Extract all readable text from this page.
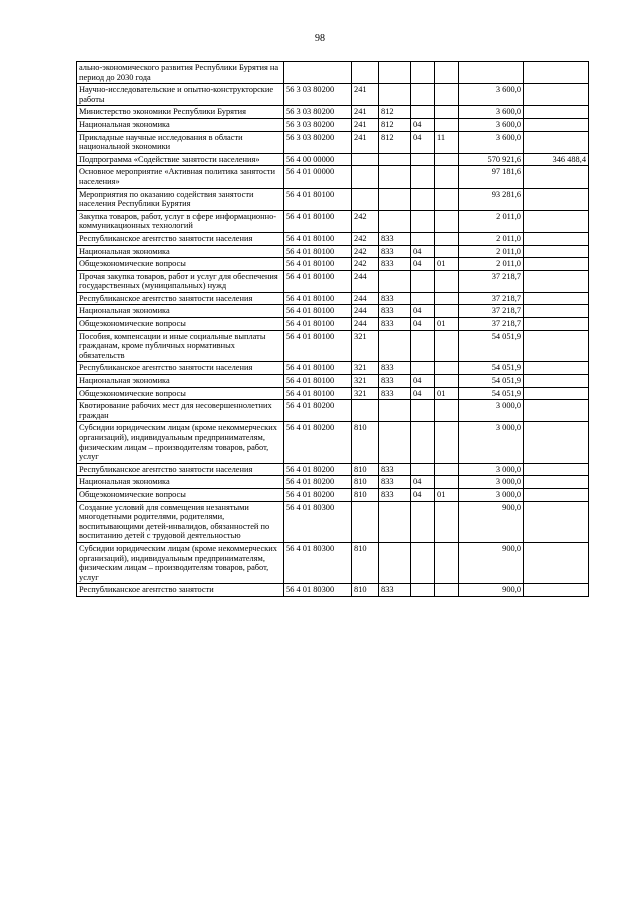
98
ально-экономического развития Республики Бурятия на период до 2030 года							
Научно-исследовательские и опытно-конструкторские работы	56 3 03 80200	241				3 600,0	
Министерство экономики Республики Бурятия	56 3 03 80200	241	812			3 600,0	
Национальная экономика	56 3 03 80200	241	812	04		3 600,0	
Прикладные научные исследования в области национальной экономики	56 3 03 80200	241	812	04	11	3 600,0	
Подпрограмма «Содействие занятости населения»	56 4 00 00000					570 921,6	346 488,4
Основное мероприятие «Активная политика занятости населения»	56 4 01 00000					97 181,6	
Мероприятия по оказанию содействия занятости населения Республики Бурятия	56 4 01 80100					93 281,6	
Закупка товаров, работ, услуг в сфере информационно-коммуникационных технологий	56 4 01 80100	242				2 011,0	
Республиканское агентство занятости населения	56 4 01 80100	242	833			2 011,0	
Национальная экономика	56 4 01 80100	242	833	04		2 011,0	
Общеэкономические вопросы	56 4 01 80100	242	833	04	01	2 011,0	
Прочая закупка товаров, работ и услуг для обеспечения государственных (муниципальных) нужд	56 4 01 80100	244				37 218,7	
Республиканское агентство занятости населения	56 4 01 80100	244	833			37 218,7	
Национальная экономика	56 4 01 80100	244	833	04		37 218,7	
Общеэкономические вопросы	56 4 01 80100	244	833	04	01	37 218,7	
Пособия, компенсации и иные социальные выплаты гражданам, кроме публичных нормативных обязательств	56 4 01 80100	321				54 051,9	
Республиканское агентство занятости населения	56 4 01 80100	321	833			54 051,9	
Национальная экономика	56 4 01 80100	321	833	04		54 051,9	
Общеэкономические вопросы	56 4 01 80100	321	833	04	01	54 051,9	
Квотирование рабочих мест для несовершеннолетних граждан	56 4 01 80200					3 000,0	
Субсидии юридическим лицам (кроме некоммерческих организаций), индивидуальным предпринимателям, физическим лицам – производителям товаров, работ, услуг	56 4 01 80200	810				3 000,0	
Республиканское агентство занятости населения	56 4 01 80200	810	833			3 000,0	
Национальная экономика	56 4 01 80200	810	833	04		3 000,0	
Общеэкономические вопросы	56 4 01 80200	810	833	04	01	3 000,0	
Создание условий для совмещения незанятыми многодетными родителями, родителями, воспитывающими детей-инвалидов, обязанностей по воспитанию детей с трудовой деятельностью	56 4 01 80300					900,0	
Субсидии юридическим лицам (кроме некоммерческих организаций), индивидуальным предпринимателям, физическим лицам – производителям товаров, работ, услуг	56 4 01 80300	810				900,0	
Республиканское агентство занятости	56 4 01 80300	810	833			900,0	
